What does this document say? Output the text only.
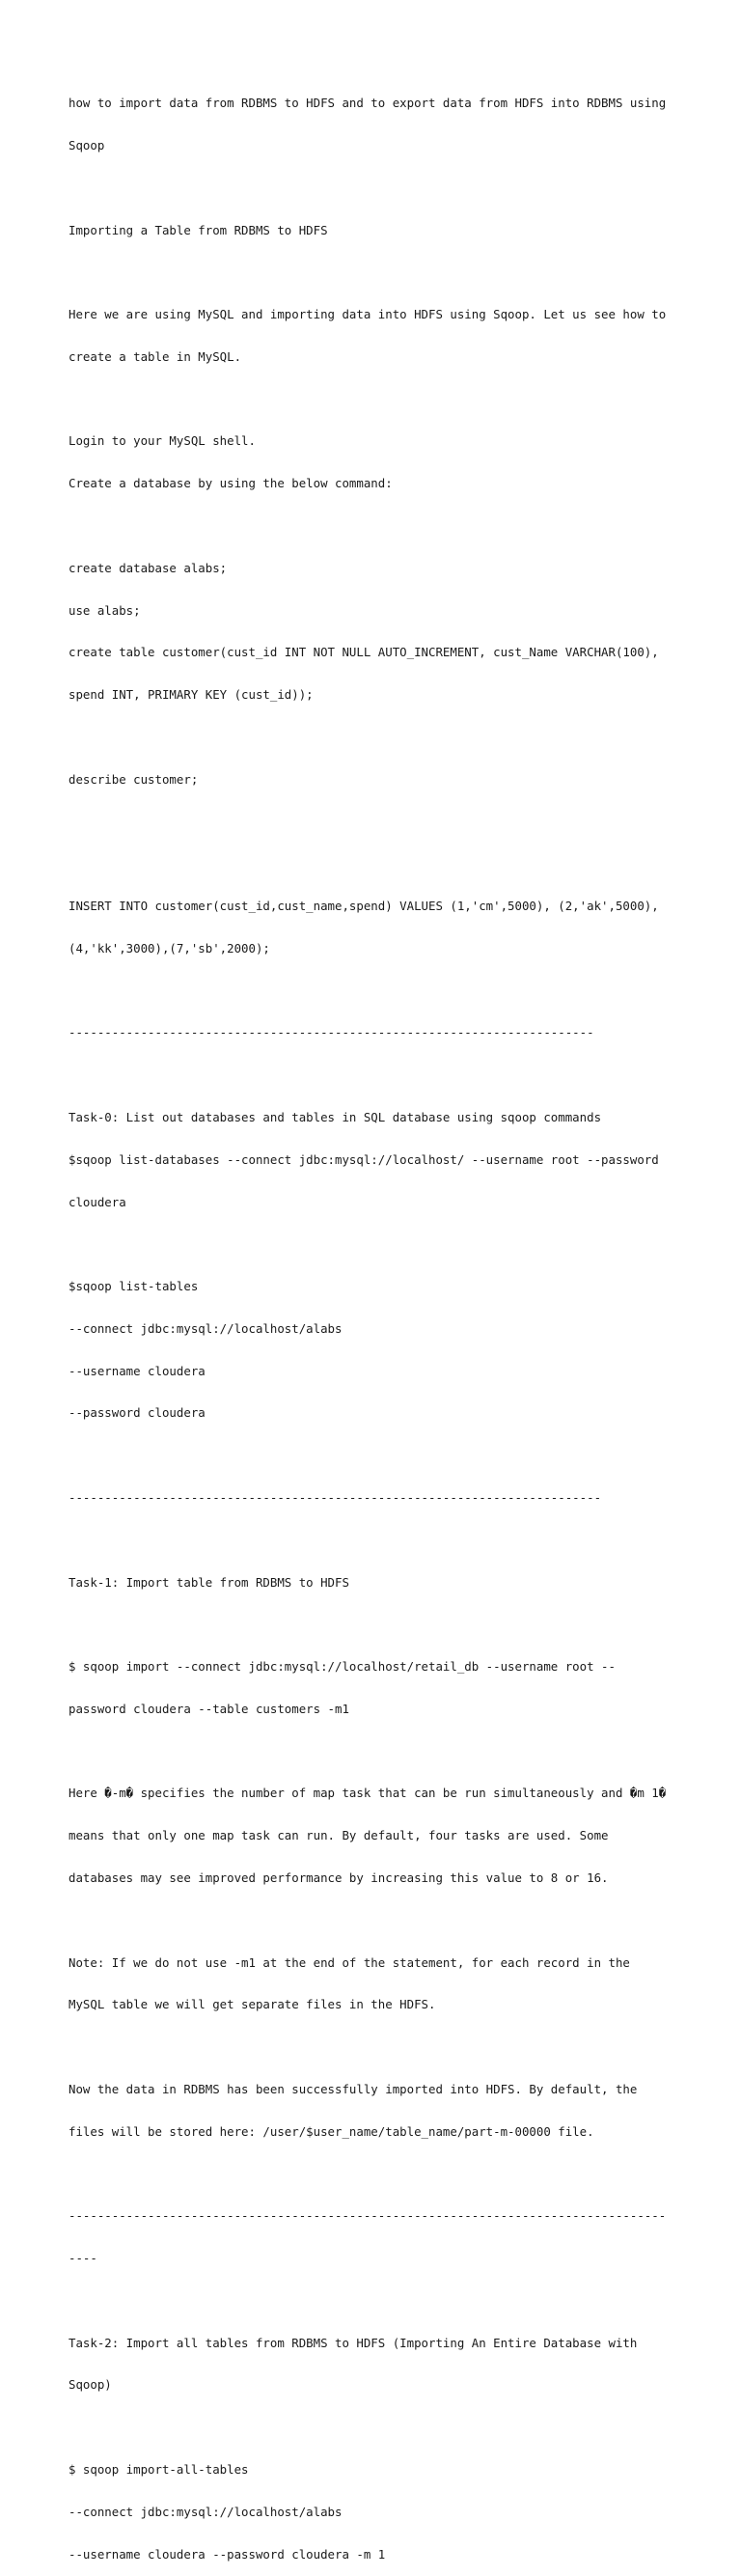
how to import data from RDBMS to HDFS and to export data from HDFS into RDBMS using

Sqoop

Importing a Table from RDBMS to HDFS

Here we are using MySQL and importing data into HDFS using Sqoop. Let us see how to

create a table in MySQL.

Login to your MySQL shell.

Create a database by using the below command:

create database alabs;

use alabs;

create table customer(cust_id INT NOT NULL AUTO_INCREMENT, cust_Name VARCHAR(100),

spend INT, PRIMARY KEY (cust_id));

describe customer;

INSERT INTO customer(cust_id,cust_name,spend) VALUES (1,'cm',5000), (2,'ak',5000),

(4,'kk',3000),(7,'sb',2000);

-------------------------------------------------------------------------

Task-0: List out databases and tables in SQL database using sqoop commands

$sqoop list-databases --connect jdbc:mysql://localhost/ --username root --password

cloudera

$sqoop list-tables

--connect jdbc:mysql://localhost/alabs

--username cloudera

--password cloudera

--------------------------------------------------------------------------

Task-1: Import table from RDBMS to HDFS

$ sqoop import --connect jdbc:mysql://localhost/retail_db --username root --

password cloudera --table customers -m1

Here �-m� specifies the number of map task that can be run simultaneously and �m 1�

means that only one map task can run. By default, four tasks are used. Some

databases may see improved performance by increasing this value to 8 or 16.

Note: If we do not use -m1 at the end of the statement, for each record in the

MySQL table we will get separate files in the HDFS.

Now the data in RDBMS has been successfully imported into HDFS. By default, the

files will be stored here: /user/$user_name/table_name/part-m-00000 file.

-----------------------------------------------------------------------------------

----

Task-2: Import all tables from RDBMS to HDFS (Importing An Entire Database with

Sqoop)

$ sqoop import-all-tables

--connect jdbc:mysql://localhost/alabs

--username cloudera --password cloudera -m 1
